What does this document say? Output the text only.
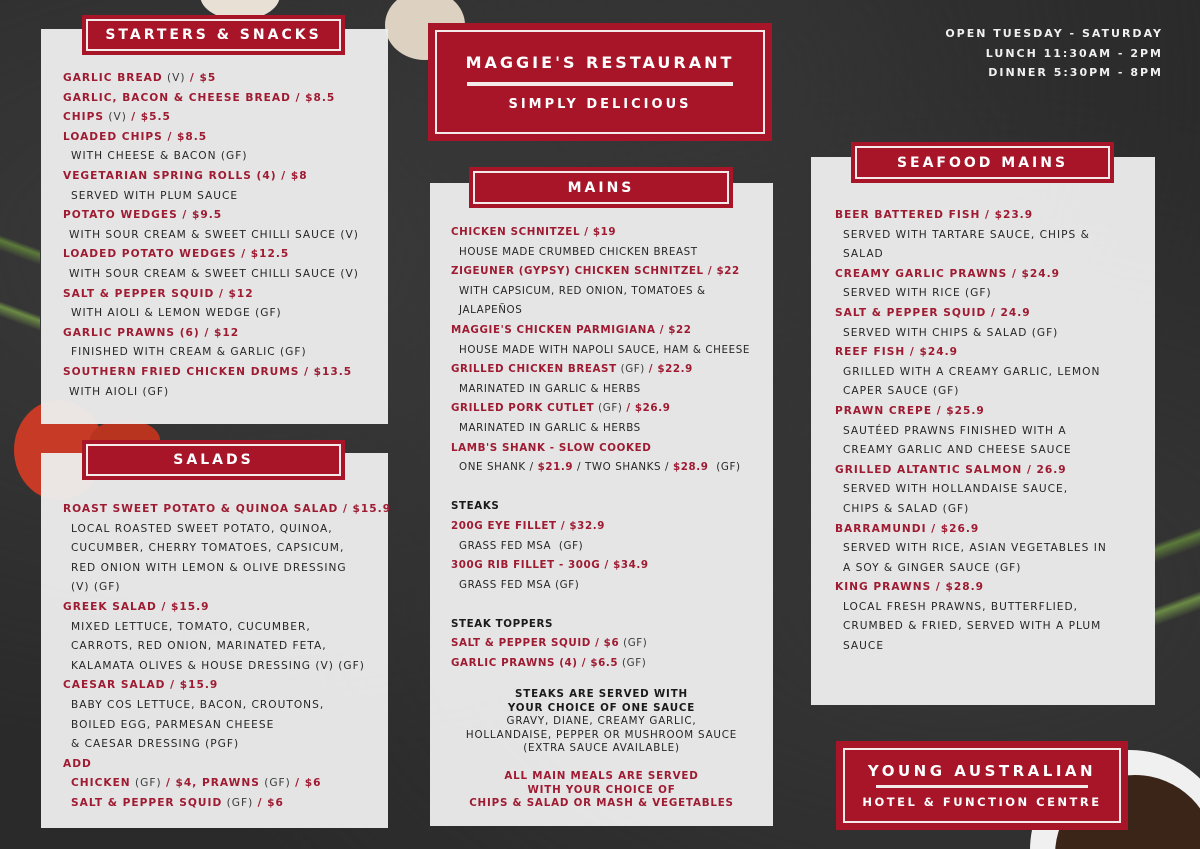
STARTERS & SNACKS
GARLIC BREAD (V) / $5
GARLIC, BACON & CHEESE BREAD / $8.5
CHIPS (V) / $5.5
LOADED CHIPS / $8.5
WITH CHEESE & BACON (GF)
VEGETARIAN SPRING ROLLS (4) / $8
SERVED WITH PLUM SAUCE
POTATO WEDGES / $9.5
WITH SOUR CREAM & SWEET CHILLI SAUCE (V)
LOADED POTATO WEDGES / $12.5
WITH SOUR CREAM & SWEET CHILLI SAUCE (V)
SALT & PEPPER SQUID / $12
WITH AIOLI & LEMON WEDGE (GF)
GARLIC PRAWNS (6) / $12
FINISHED WITH CREAM & GARLIC (GF)
SOUTHERN FRIED CHICKEN DRUMS / $13.5
WITH AIOLI (GF)
SALADS
ROAST SWEET POTATO & QUINOA SALAD / $15.9
LOCAL ROASTED SWEET POTATO, QUINOA,
CUCUMBER, CHERRY TOMATOES, CAPSICUM,
RED ONION WITH LEMON & OLIVE DRESSING
(V) (GF)
GREEK SALAD / $15.9
MIXED LETTUCE, TOMATO, CUCUMBER,
CARROTS, RED ONION, MARINATED FETA,
KALAMATA OLIVES & HOUSE DRESSING (V) (GF)
CAESAR SALAD / $15.9
BABY COS LETTUCE, BACON, CROUTONS,
BOILED EGG, PARMESAN CHEESE
& CAESAR DRESSING (PGF)
ADD
CHICKEN (GF) / $4, PRAWNS (GF) / $6
SALT & PEPPER SQUID (GF) / $6
MAGGIE'S RESTAURANT
SIMPLY DELICIOUS
MAINS
CHICKEN SCHNITZEL / $19
HOUSE MADE CRUMBED CHICKEN BREAST
ZIGEUNER (GYPSY) CHICKEN SCHNITZEL / $22
WITH CAPSICUM, RED ONION, TOMATOES &
JALAPEÑOS
MAGGIE'S CHICKEN PARMIGIANA / $22
HOUSE MADE WITH NAPOLI SAUCE, HAM & CHEESE
GRILLED CHICKEN BREAST (GF) / $22.9
MARINATED IN GARLIC & HERBS
GRILLED PORK CUTLET (GF) / $26.9
MARINATED IN GARLIC & HERBS
LAMB'S SHANK - SLOW COOKED
ONE SHANK / $21.9 / TWO SHANKS / $28.9  (GF)
STEAKS
200G EYE FILLET / $32.9
GRASS FED MSA  (GF)
300G RIB FILLET - 300G / $34.9
GRASS FED MSA (GF)
STEAK TOPPERS
SALT & PEPPER SQUID / $6 (GF)
GARLIC PRAWNS (4) / $6.5 (GF)
STEAKS ARE SERVED WITH
YOUR CHOICE OF ONE SAUCE
GRAVY, DIANE, CREAMY GARLIC,
HOLLANDAISE, PEPPER OR MUSHROOM SAUCE
(EXTRA SAUCE AVAILABLE)
ALL MAIN MEALS ARE SERVED
WITH YOUR CHOICE OF
CHIPS & SALAD OR MASH & VEGETABLES
OPEN TUESDAY - SATURDAY
LUNCH 11:30AM - 2PM
DINNER 5:30PM - 8PM
SEAFOOD MAINS
BEER BATTERED FISH / $23.9
SERVED WITH TARTARE SAUCE, CHIPS &
SALAD
CREAMY GARLIC PRAWNS / $24.9
SERVED WITH RICE (GF)
SALT & PEPPER SQUID / 24.9
SERVED WITH CHIPS & SALAD (GF)
REEF FISH / $24.9
GRILLED WITH A CREAMY GARLIC, LEMON
CAPER SAUCE (GF)
PRAWN CREPE / $25.9
SAUTÉED PRAWNS FINISHED WITH A
CREAMY GARLIC AND CHEESE SAUCE
GRILLED ALTANTIC SALMON / 26.9
SERVED WITH HOLLANDAISE SAUCE,
CHIPS & SALAD (GF)
BARRAMUNDI / $26.9
SERVED WITH RICE, ASIAN VEGETABLES IN
A SOY & GINGER SAUCE (GF)
KING PRAWNS / $28.9
LOCAL FRESH PRAWNS, BUTTERFLIED,
CRUMBED & FRIED, SERVED WITH A PLUM
SAUCE
YOUNG AUSTRALIAN
HOTEL & FUNCTION CENTRE
